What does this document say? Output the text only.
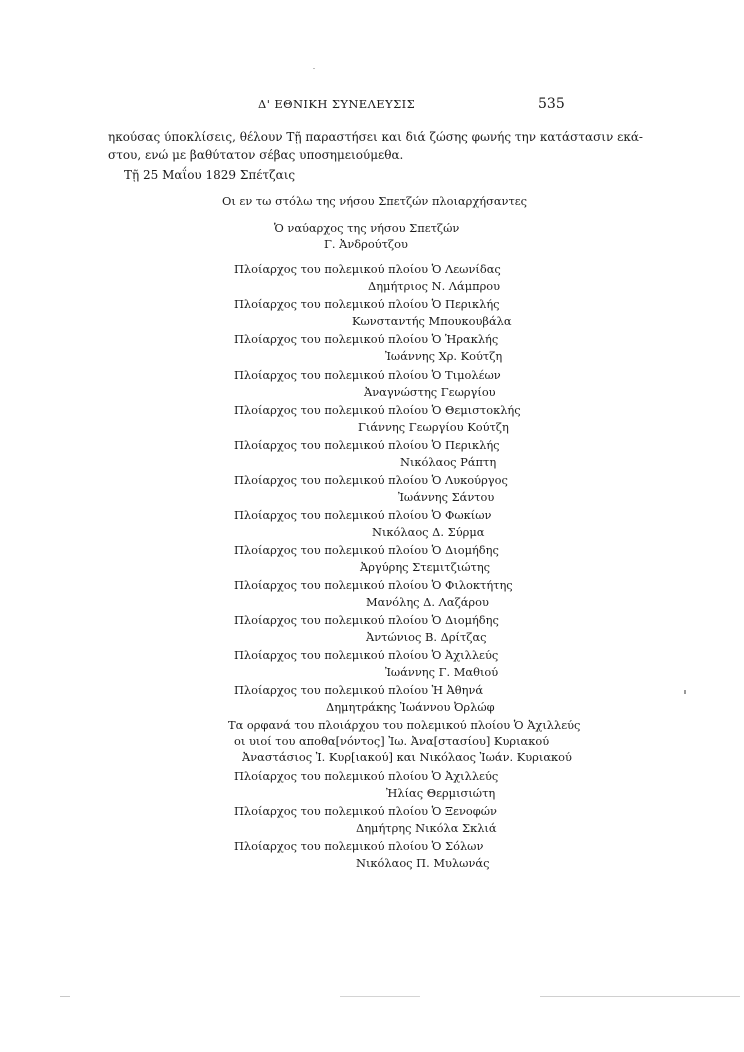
Δ' ΕΘΝΙΚΗ ΣΥΝΕΛΕΥΣΙΣ	535
ηκούσας ύποκλίσεις, θέλουν Τῇ παραστήσει και διά ζώσης φωνής την κατάστασιν εκά-
στου, ενώ με βαθύτατον σέβας υποσημειούμεθα.
Τῇ 25 Μαΐου 1829 Σπέτζαις
Οι εν τω στόλω της νήσου Σπετζών πλοιαρχήσαντες
Ὁ ναύαρχος της νήσου Σπετζών
Γ. Ἀνδρούτζου
Πλοίαρχος του πολεμικού πλοίου Ὁ Λεωνίδας
Δημήτριος Ν. Λάμπρου
Πλοίαρχος του πολεμικού πλοίου Ὁ Περικλής
Κωνσταντής Μπουκουβάλα
Πλοίαρχος του πολεμικού πλοίου Ὁ Ἡρακλής
Ἰωάννης Χρ. Κούτζη
Πλοίαρχος του πολεμικού πλοίου Ὁ Τιμολέων
Ἀναγνώστης Γεωργίου
Πλοίαρχος του πολεμικού πλοίου Ὁ Θεμιστοκλής
Γιάννης Γεωργίου Κούτζη
Πλοίαρχος του πολεμικού πλοίου Ὁ Περικλής
Νικόλαος Ράπτη
Πλοίαρχος του πολεμικού πλοίου Ὁ Λυκούργος
Ἰωάννης Σάντου
Πλοίαρχος του πολεμικού πλοίου Ὁ Φωκίων
Νικόλαος Δ. Σύρμα
Πλοίαρχος του πολεμικού πλοίου Ὁ Διομήδης
Ἀργύρης Στεμιτζιώτης
Πλοίαρχος του πολεμικού πλοίου Ὁ Φιλοκτήτης
Μανόλης Δ. Λαζάρου
Πλοίαρχος του πολεμικού πλοίου Ὁ Διομήδης
Ἀντώνιος Β. Δρίτζας
Πλοίαρχος του πολεμικού πλοίου Ὁ Ἀχιλλεύς
Ἰωάννης Γ. Μαθιού
Πλοίαρχος του πολεμικού πλοίου Ἡ Ἀθηνά
Δημητράκης Ἰωάννου Ὀρλώφ
Τα ορφανά του πλοιάρχου του πολεμικού πλοίου Ὁ Ἀχιλλεύς
οι υιοί του αποθα[νόντος] Ἰω. Ἀνα[στασίου] Κυριακού
Ἀναστάσιος Ἰ. Κυρ[ιακού] και Νικόλαος Ἰωάν. Κυριακού
Πλοίαρχος του πολεμικού πλοίου Ὁ Ἀχιλλεύς
Ἠλίας Θερμισιώτη
Πλοίαρχος του πολεμικού πλοίου Ὁ Ξενοφών
Δημήτρης Νικόλα Σκλιά
Πλοίαρχος του πολεμικού πλοίου Ὁ Σόλων
Νικόλαος Π. Μυλωνάς
